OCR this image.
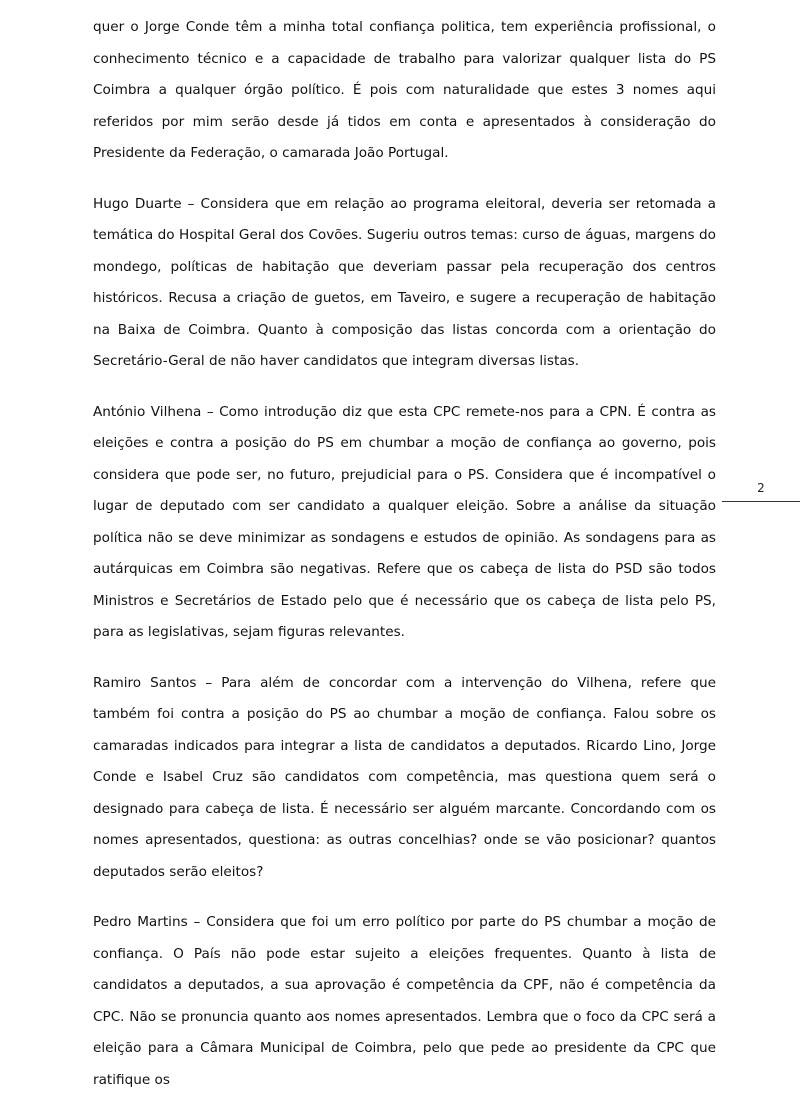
quer o Jorge Conde têm a minha total confiança politica, tem experiência profissional, o conhecimento técnico e a capacidade de trabalho para valorizar qualquer lista do PS Coimbra a qualquer órgão político. É pois com naturalidade que estes 3 nomes aqui referidos por mim serão desde já tidos em conta e apresentados à consideração do Presidente da Federação, o camarada João Portugal.

Hugo Duarte – Considera que em relação ao programa eleitoral, deveria ser retomada a temática do Hospital Geral dos Covões. Sugeriu outros temas: curso de águas, margens do mondego, políticas de habitação que deveriam passar pela recuperação dos centros históricos. Recusa a criação de guetos, em Taveiro, e sugere a recuperação de habitação na Baixa de Coimbra. Quanto à composição das listas concorda com a orientação do Secretário-Geral de não haver candidatos que integram diversas listas.

António Vilhena – Como introdução diz que esta CPC remete-nos para a CPN. É contra as eleições e contra a posição do PS em chumbar a moção de confiança ao governo, pois considera que pode ser, no futuro, prejudicial para o PS. Considera que é incompatível o lugar de deputado com ser candidato a qualquer eleição. Sobre a análise da situação política não se deve minimizar as sondagens e estudos de opinião. As sondagens para as autárquicas em Coimbra são negativas. Refere que os cabeça de lista do PSD são todos Ministros e Secretários de Estado pelo que é necessário que os cabeça de lista pelo PS, para as legislativas, sejam figuras relevantes.

Ramiro Santos – Para além de concordar com a intervenção do Vilhena, refere que também foi contra a posição do PS ao chumbar a moção de confiança. Falou sobre os camaradas indicados para integrar a lista de candidatos a deputados. Ricardo Lino, Jorge Conde e Isabel Cruz são candidatos com competência, mas questiona quem será o designado para cabeça de lista. É necessário ser alguém marcante. Concordando com os nomes apresentados, questiona: as outras concelhias? onde se vão posicionar? quantos deputados serão eleitos?

Pedro Martins – Considera que foi um erro político por parte do PS chumbar a moção de confiança. O País não pode estar sujeito a eleições frequentes. Quanto à lista de candidatos a deputados, a sua aprovação é competência da CPF, não é competência da CPC. Não se pronuncia quanto aos nomes apresentados. Lembra que o foco da CPC será a eleição para a Câmara Municipal de Coimbra, pelo que pede ao presidente da CPC que ratifique os

2
